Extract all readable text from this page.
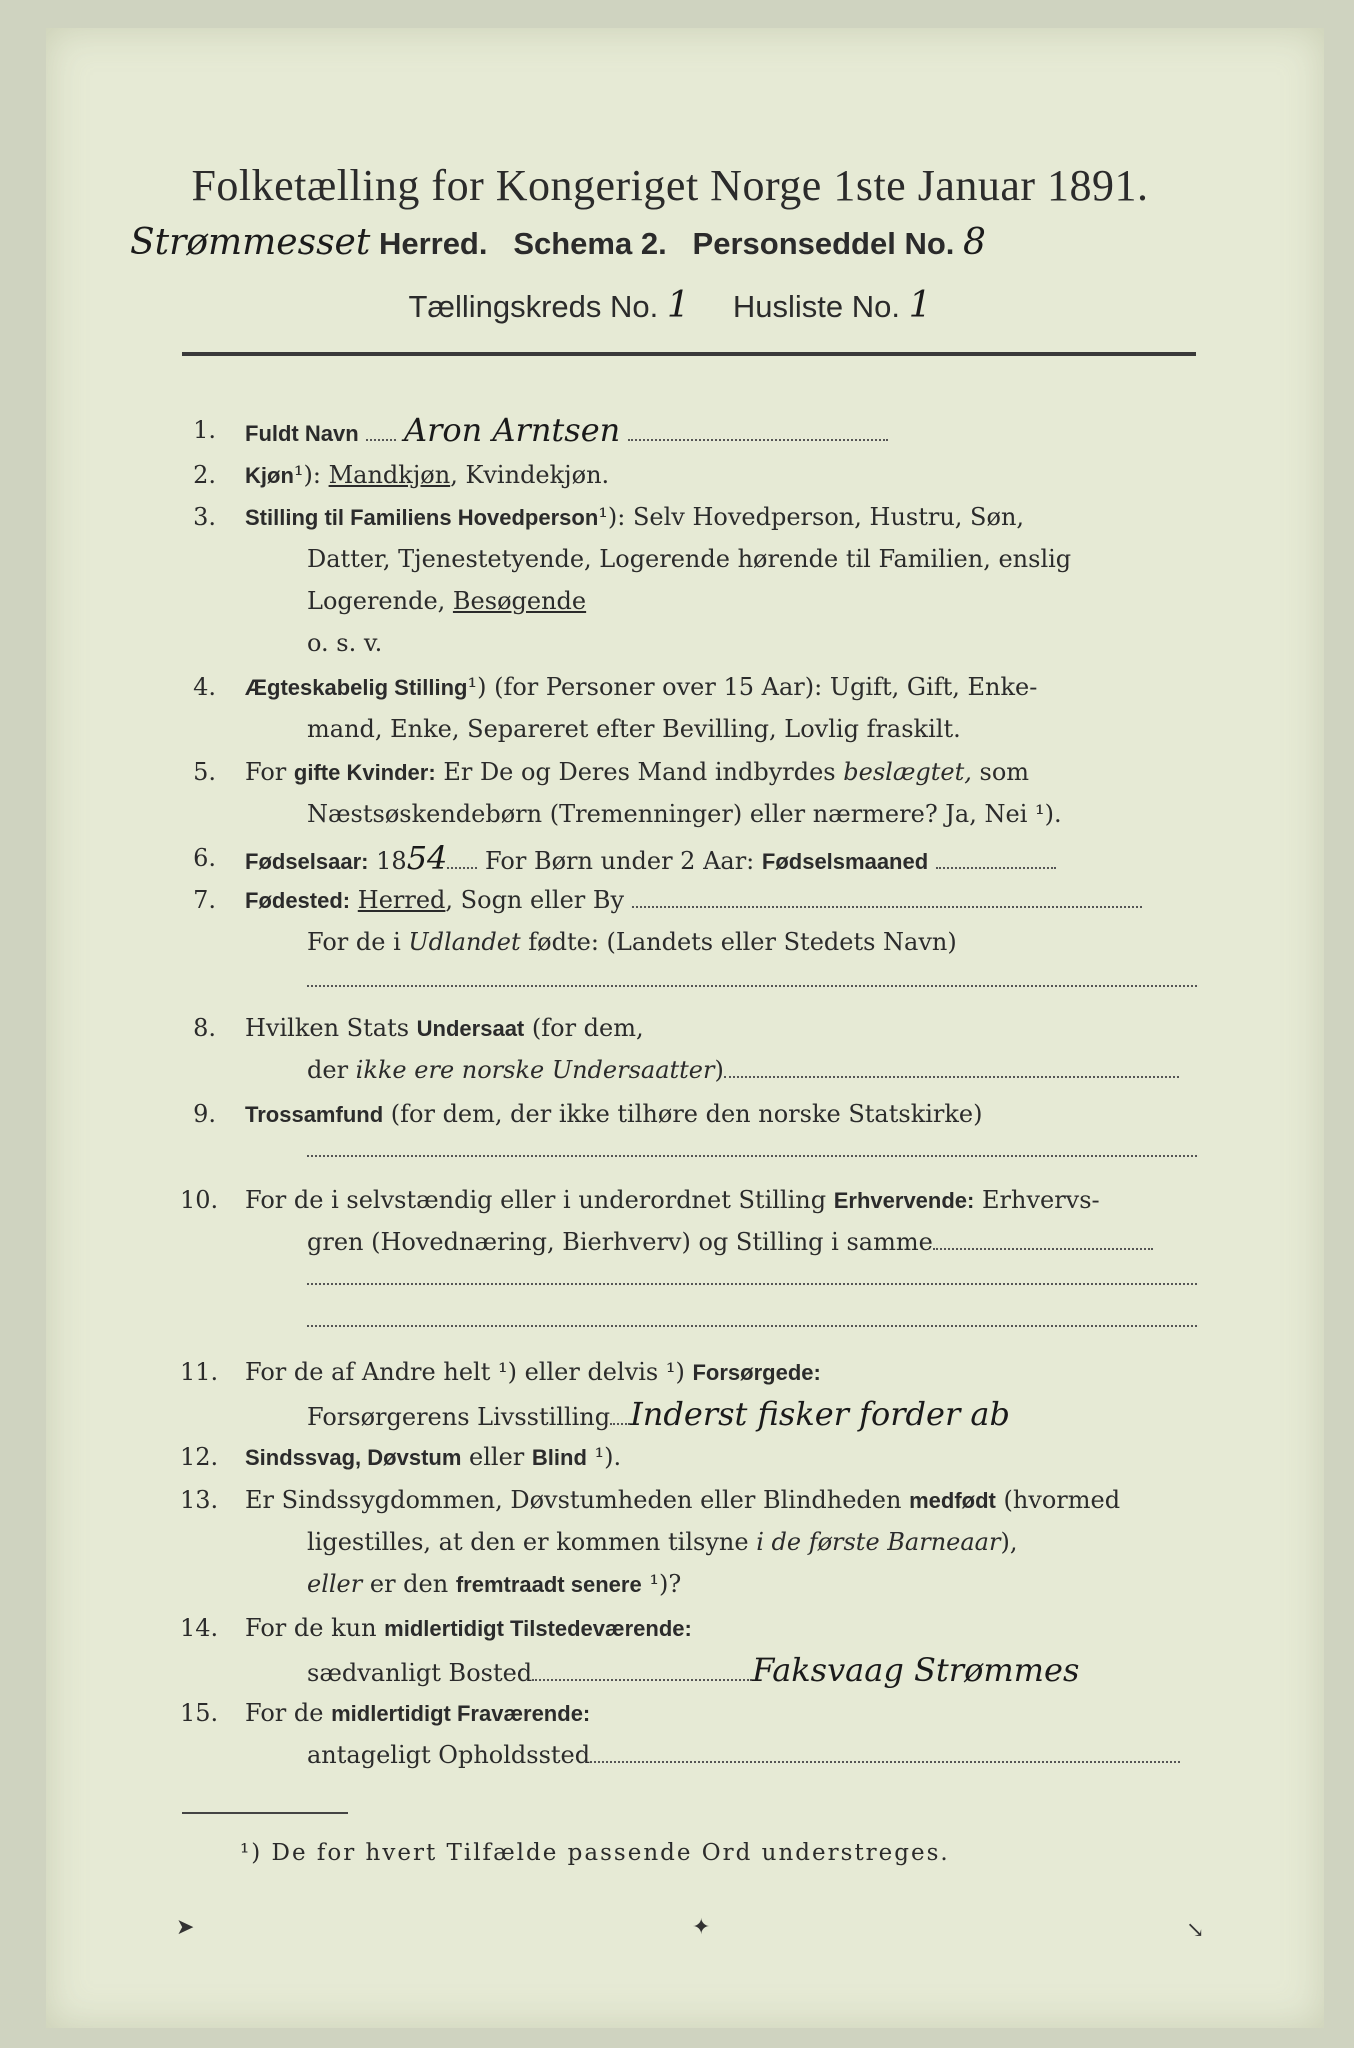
Folketælling for Kongeriget Norge 1ste Januar 1891.
Strømmesset Herred. Schema 2. Personseddel No. 8
Tællingskreds No. 1 Husliste No. 1
1. Fuldt Navn Aron Arntsen
2. Kjøn¹): Mandkjøn, Kvindekjøn.
3. Stilling til Familiens Hovedperson¹): Selv Hovedperson, Hustru, Søn,
Datter, Tjenestetyende, Logerende hørende til Familien, enslig
Logerende, Besøgende
o. s. v.
4. Ægteskabelig Stilling¹) (for Personer over 15 Aar): Ugift, Gift, Enke-
mand, Enke, Separeret efter Bevilling, Lovlig fraskilt.
5. For gifte Kvinder: Er De og Deres Mand indbyrdes beslægtet, som
Næstsøskendebørn (Tremenninger) eller nærmere? Ja, Nei ¹).
6. Fødselsaar: 1854 For Børn under 2 Aar: Fødselsmaaned
7. Fødested: Herred, Sogn eller By
For de i Udlandet fødte: (Landets eller Stedets Navn)
8. Hvilken Stats Undersaat (for dem,
der ikke ere norske Undersaatter)
9. Trossamfund (for dem, der ikke tilhøre den norske Statskirke)
10. For de i selvstændig eller i underordnet Stilling Erhvervende: Erhvervs-
gren (Hovednæring, Bierhverv) og Stilling i samme
11. For de af Andre helt ¹) eller delvis ¹) Forsørgede:
Forsørgerens Livsstilling Inderst fisker forder ab
12. Sindssvag, Døvstum eller Blind ¹).
13. Er Sindssygdommen, Døvstumheden eller Blindheden medfødt (hvormed
ligestilles, at den er kommen tilsyne i de første Barneaar),
eller er den fremtraadt senere ¹)?
14. For de kun midlertidigt Tilstedeværende:
sædvanligt Bosted	Faksvaag Strømmes
15. For de midlertidigt Fraværende:
antageligt Opholdssted
¹) De for hvert Tilfælde passende Ord understreges.
➤	✦	↘
